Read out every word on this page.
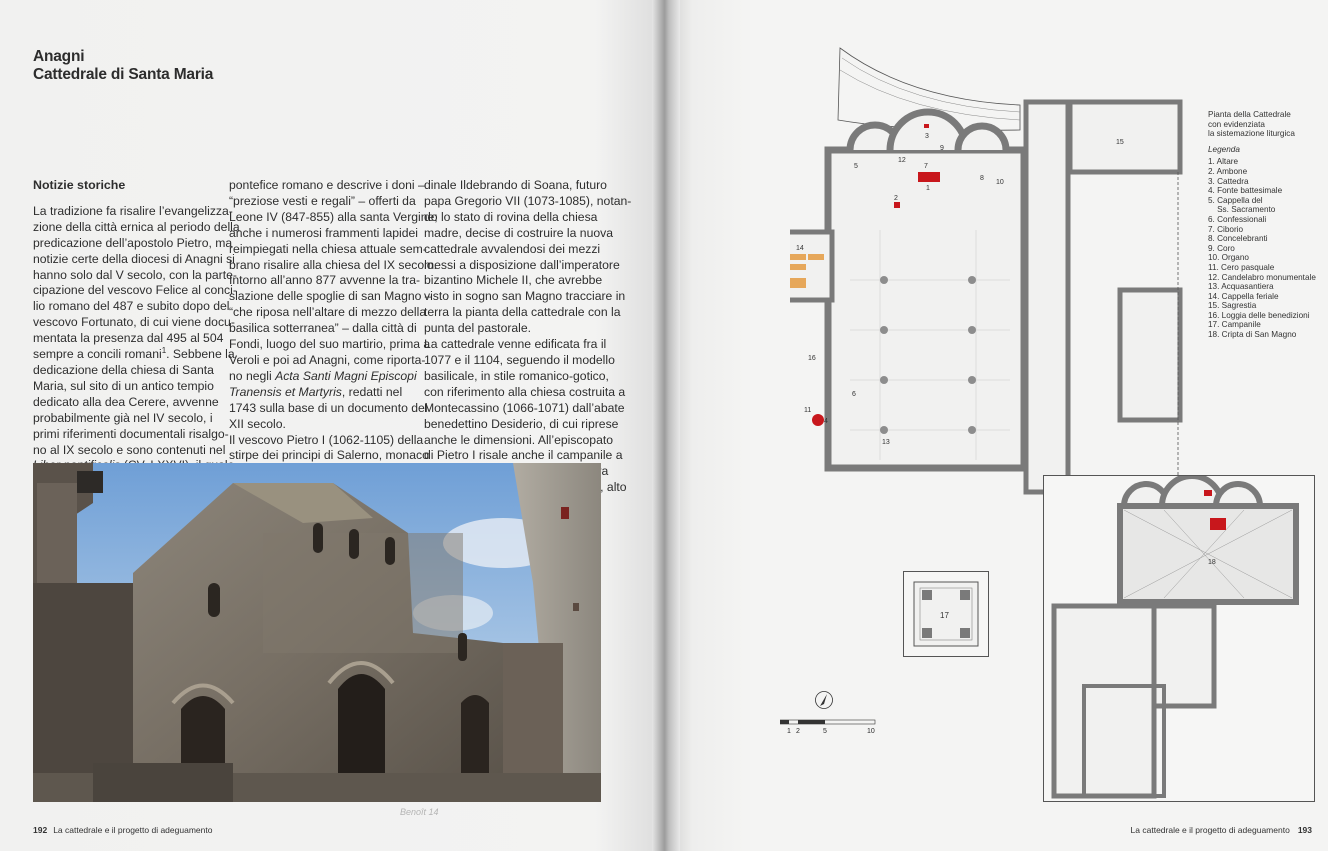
Anagni
Cattedrale di Santa Maria
Notizie storiche
La tradizione fa risalire l’evangelizza-
zione della città ernica al periodo della
predicazione dell’apostolo Pietro, ma
notizie certe della diocesi di Anagni si
hanno solo dal V secolo, con la parte-
cipazione del vescovo Felice al conci-
lio romano del 487 e subito dopo del
vescovo Fortunato, di cui viene docu-
mentata la presenza dal 495 al 504
sempre a concili romani$^1$. Sebbene la
dedicazione della chiesa di Santa
Maria, sul sito di un antico tempio
dedicato alla dea Cerere, avvenne
probabilmente già nel IV secolo, i
primi riferimenti documentali risalgo-
no al IX secolo e sono contenuti nel
pontefice romano e descrive i doni –
“preziose vesti e regali” – offerti da
Leone IV (847-855) alla santa Vergine;
anche i numerosi frammenti lapidei
reimpiegati nella chiesa attuale sem-
brano risalire alla chiesa del IX secolo.
Intorno all’anno 877 avvenne la tra-
slazione delle spoglie di san Magno –
“che riposa nell’altare di mezzo della
basilica sotterranea” – dalla città di
Fondi, luogo del suo martirio, prima a
Veroli e poi ad Anagni, come riporta-
no negli Acta Santi Magni Episcopi
Tranensis et Martyris, redatti nel
1743 sulla base di un documento del
XII secolo.
Il vescovo Pietro I (1062-1105) della
stirpe dei principi di Salerno, monaco
dinale Ildebrando di Soana, futuro
papa Gregorio VII (1073-1085), notan-
do lo stato di rovina della chiesa
madre, decise di costruire la nuova
cattedrale avvalendosi dei mezzi
messi a disposizione dall’imperatore
bizantino Michele II, che avrebbe
visto in sogno san Magno tracciare in
terra la pianta della cattedrale con la
punta del pastorale.
La cattedrale venne edificata fra il
1077 e il 1104, seguendo il modello
basilicale, in stile romanico-gotico,
con riferimento alla chiesa costruita a
Montecassino (1066-1071) dall’abate
benedettino Desiderio, di cui riprese
anche le dimensioni. All’episcopato
di Pietro I risale anche il campanile a
1
2
3
4
5
6
7
8
9
10
11
12
13
14
15
16
Pianta della Cattedrale
con evidenziata
la sistemazione liturgica
Legenda
1. Altare
2. Ambone
3. Cattedra
4. Fonte battesimale
5. Cappella del
Ss. Sacramento
6. Confessionali
7. Ciborio
8. Concelebranti
9. Coro
10. Organo
11. Cero pasquale
12. Candelabro monumentale
13. Acquasantiera
14. Cappella feriale
15. Sagrestia
16. Loggia delle benedizioni
17. Campanile
18. Cripta di San Magno
17
18
1 2	5	10
Benoît 14
192 La cattedrale e il progetto di adeguamento	La cattedrale e il progetto di adeguamento 193
